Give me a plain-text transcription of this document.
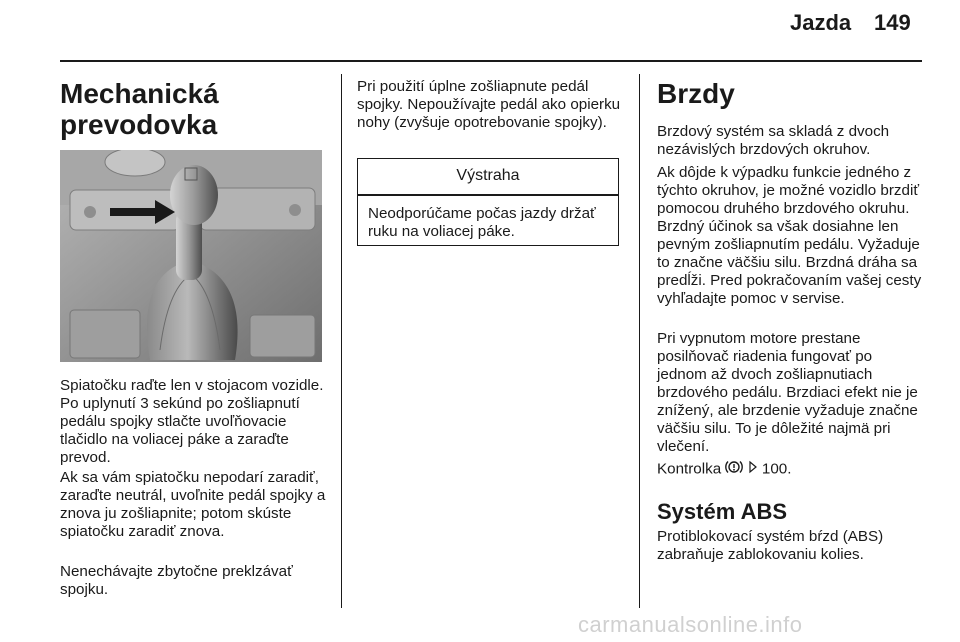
Jazda 149
Mechanická
prevodovka

Spiatočku raďte len v stojacom vozidle. Po uplynutí 3 sekúnd po zošliapnutí pedálu spojky stlačte uvoľňovacie tlačidlo na voliacej páke a zaraďte prevod.

Ak sa vám spiatočku nepodarí zaradiť, zaraďte neutrál, uvoľnite pedál spojky a znova ju zošliapnite; potom skúste spiatočku zaradiť znova.

Nenechávajte zbytočne preklzávať spojku.

Pri použití úplne zošliapnute pedál spojky. Nepoužívajte pedál ako opierku nohy (zvyšuje opotrebovanie spojky).

Výstraha
Neodporúčame počas jazdy držať ruku na voliacej páke.
Brzdy

Brzdový systém sa skladá z dvoch nezávislých brzdových okruhov.

Ak dôjde k výpadku funkcie jedného z týchto okruhov, je možné vozidlo brzdiť pomocou druhého brzdového okruhu. Brzdný účinok sa však dosiahne len pevným zošliapnutím pedálu. Vyžaduje to značne väčšiu silu. Brzdná dráha sa predĺži. Pred pokračovaním vašej cesty vyhľadajte pomoc v servise.

Pri vypnutom motore prestane posilňovač riadenia fungovať po jednom až dvoch zošliapnutiach brzdového pedálu. Brzdiaci efekt nie je znížený, ale brzdenie vyžaduje značne väčšiu silu. To je dôležité najmä pri vlečení.

Kontrolka	100.

Systém ABS

Protiblokovací systém bŕzd (ABS) zabraňuje zablokovaniu kolies.

carmanualsonline.info
